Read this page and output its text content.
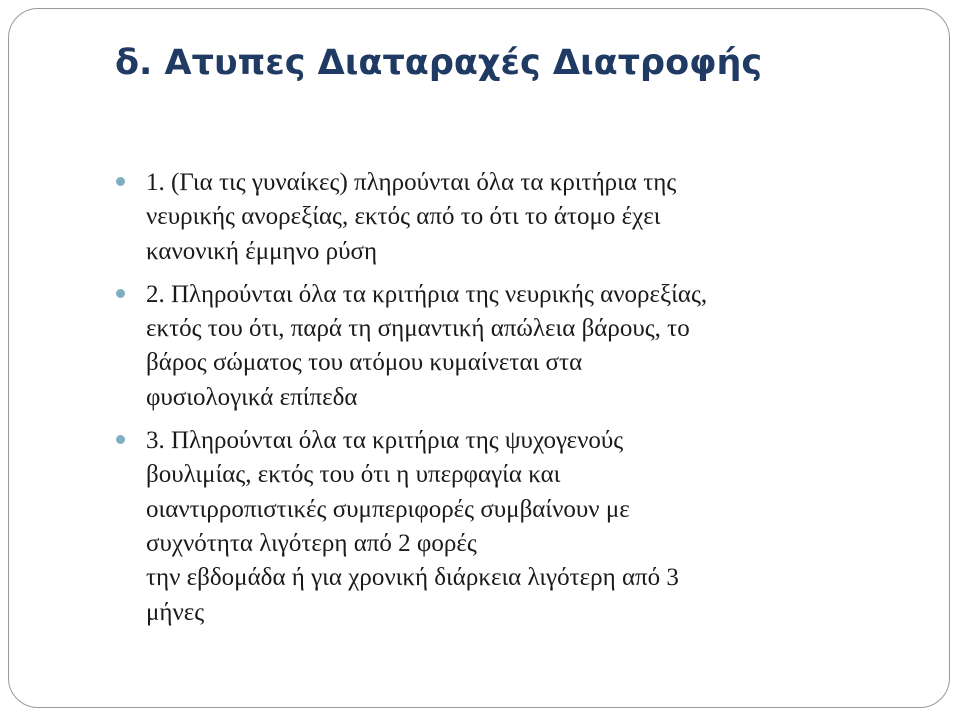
δ. Ατυπες Διαταραχές Διατροφής
1. (Για τις γυναίκες) πληρούνται όλα τα κριτήρια της
νευρικής ανορεξίας, εκτός από το ότι το άτομο έχει
κανονική έμμηνο ρύση
2. Πληρούνται όλα τα κριτήρια της νευρικής ανορεξίας,
εκτός του ότι, παρά τη σημαντική απώλεια βάρους, το
βάρος σώματος του ατόμου κυμαίνεται στα
φυσιολογικά επίπεδα
3. Πληρούνται όλα τα κριτήρια της ψυχογενούς
βουλιμίας, εκτός του ότι η υπερφαγία και
οιαντιρροπιστικές συμπεριφορές συμβαίνουν με
συχνότητα λιγότερη από 2 φορές
την εβδομάδα ή για χρονική διάρκεια λιγότερη από 3
μήνες
